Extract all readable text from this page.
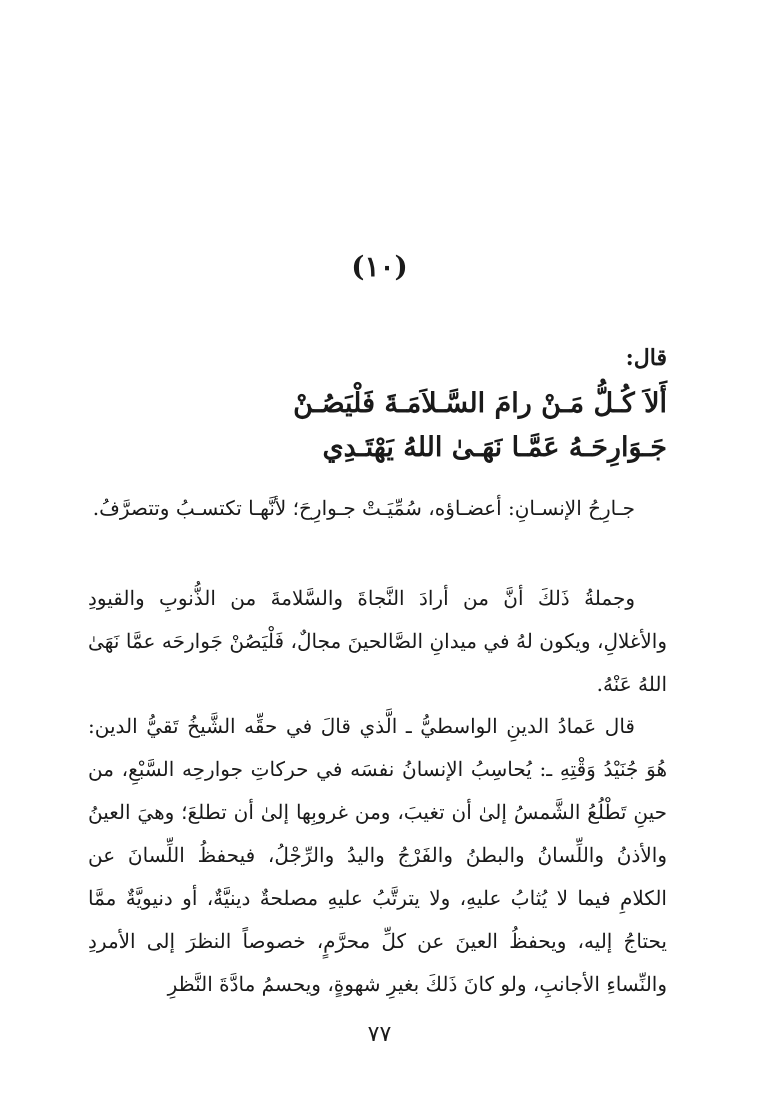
(١٠)
قال:
أَلاَ كُـلُّ مَـنْ رامَ السَّـلاَمَـةَ فَلْيَصُـنْ
جَـوَارِحَـهُ عَمَّـا نَهَـىٰ اللهُ يَهْتَـدِي

جـارِحُ الإنسـانِ: أعضـاؤه، سُمِّيَـتْ جـوارِحَ؛ لأنَّهـا تكتسـبُ وتتصرَّفُ.

وجملةُ ذَلكَ أنَّ من أرادَ النَّجاةَ والسَّلامةَ من الذُّنوبِ والقيودِ والأغلالِ، ويكون لهُ في ميدانِ الصَّالحينَ مجالٌ، فَلْيَصُنْ جَوارحَه عمَّا نَهَىٰ اللهُ عَنْهُ.

قال عَمادُ الدينِ الواسطيُّ ـ الَّذي قالَ في حقِّه الشَّيخُ تَقيُّ الدين: هُوَ جُنَيْدُ وَقْتِهِ ـ: يُحاسِبُ الإنسانُ نفسَه في حركاتِ جوارحِه السَّبْعِ، من حينِ تَطْلُعُ الشَّمسُ إلىٰ أن تغيبَ، ومن غروبِها إلىٰ أن تطلعَ؛ وهيَ العينُ والأذنُ واللِّسانُ والبطنُ والفَرْجُ واليدُ والرِّجْلُ، فيحفظُ اللِّسانَ عن الكلامِ فيما لا يُثابُ عليهِ، ولا يترتَّبُ عليهِ مصلحةٌ دينيَّةٌ، أو دنيويَّةٌ ممَّا يحتاجُ إليه، ويحفظُ العينَ عن كلِّ محرَّمٍ، خصوصاً النظرَ إلى الأمردِ والنِّساءِ الأجانبِ، ولو كانَ ذَلكَ بغيرِ شهوةٍ، ويحسمُ مادَّةَ النَّظرِ

٧٧
